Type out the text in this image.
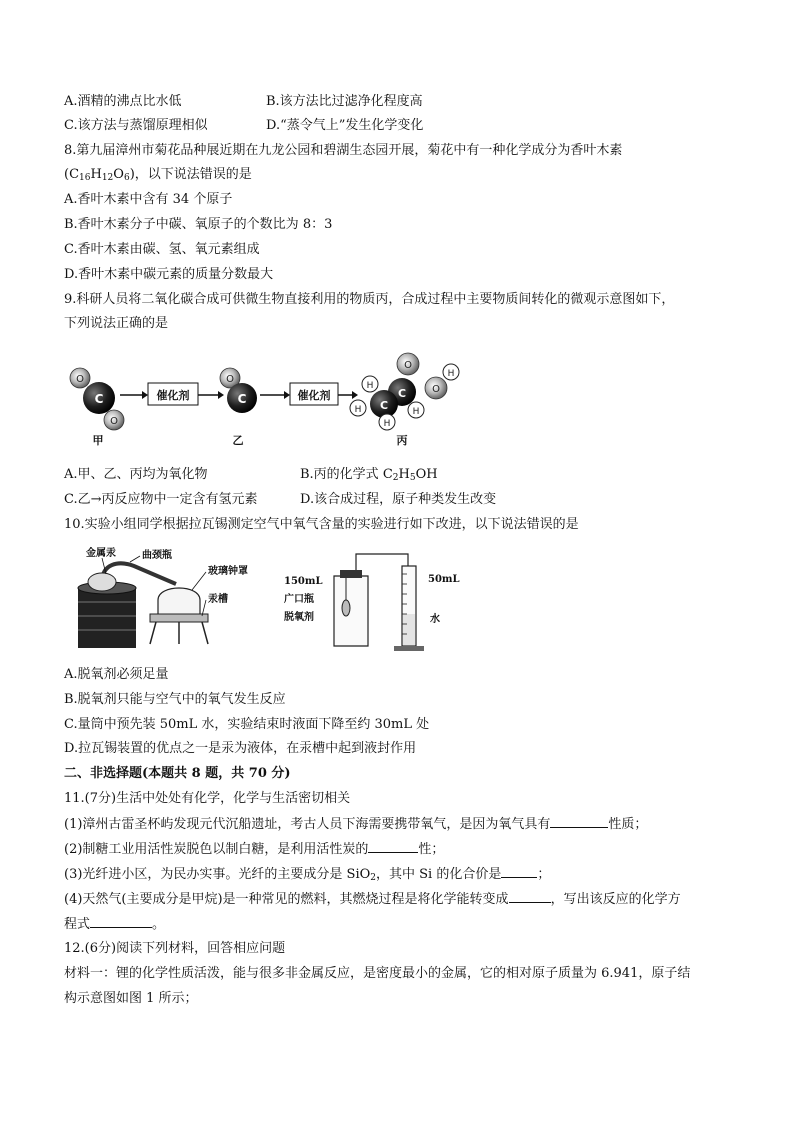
A.酒精的沸点比水低	B.该方法比过滤净化程度高
C.该方法与蒸馏原理相似	D.“蒸令气上”发生化学变化
8.第九届漳州市菊花品种展近期在九龙公园和碧湖生态园开展，菊花中有一种化学成分为香叶木素
$(C_{16}H_{12}O_6)$，以下说法错误的是
A.香叶木素中含有 34 个原子
B.香叶木素分子中碳、氧原子的个数比为 8：3
C.香叶木素由碳、氢、氧元素组成
D.香叶木素中碳元素的质量分数最大
9.科研人员将二氧化碳合成可供微生物直接利用的物质丙，合成过程中主要物质间转化的微观示意图如下，
下列说法正确的是
O
C
O
催化剂
O
C	催化剂
O
H
C
H C
O
H
H
H
甲	乙	丙
A.甲、乙、丙均为氧化物	B.丙的化学式 $C_2H_5OH$
C.乙→丙反应物中一定含有氢元素	D.该合成过程，原子种类发生改变
10.实验小组同学根据拉瓦锡测定空气中氧气含量的实验进行如下改进，以下说法错误的是
金属汞	曲颈瓶
玻璃钟罩
汞槽
150mL
广口瓶
脱氧剂
50mL
水
A.脱氧剂必须足量
B.脱氧剂只能与空气中的氧气发生反应
C.量筒中预先装 50mL 水，实验结束时液面下降至约 30mL 处
D.拉瓦锡装置的优点之一是汞为液体，在汞槽中起到液封作用
二、非选择题(本题共 8 题，共 70 分)
11.(7分)生活中处处有化学，化学与生活密切相关
(1)漳州古雷圣杯屿发现元代沉船遗址，考古人员下海需要携带氧气，是因为氧气具有	性质；
(2)制糖工业用活性炭脱色以制白糖，是利用活性炭的	性；
(3)光纤进小区，为民办实事。光纤的主要成分是 SiO$_2$，其中 Si 的化合价是	；
(4)天然气(主要成分是甲烷)是一种常见的燃料，其燃烧过程是将化学能转变成	，写出该反应的化学方
程式	。
12.(6分)阅读下列材料，回答相应问题
材料一：锂的化学性质活泼，能与很多非金属反应，是密度最小的金属，它的相对原子质量为 6.941，原子结
构示意图如图 1 所示；
